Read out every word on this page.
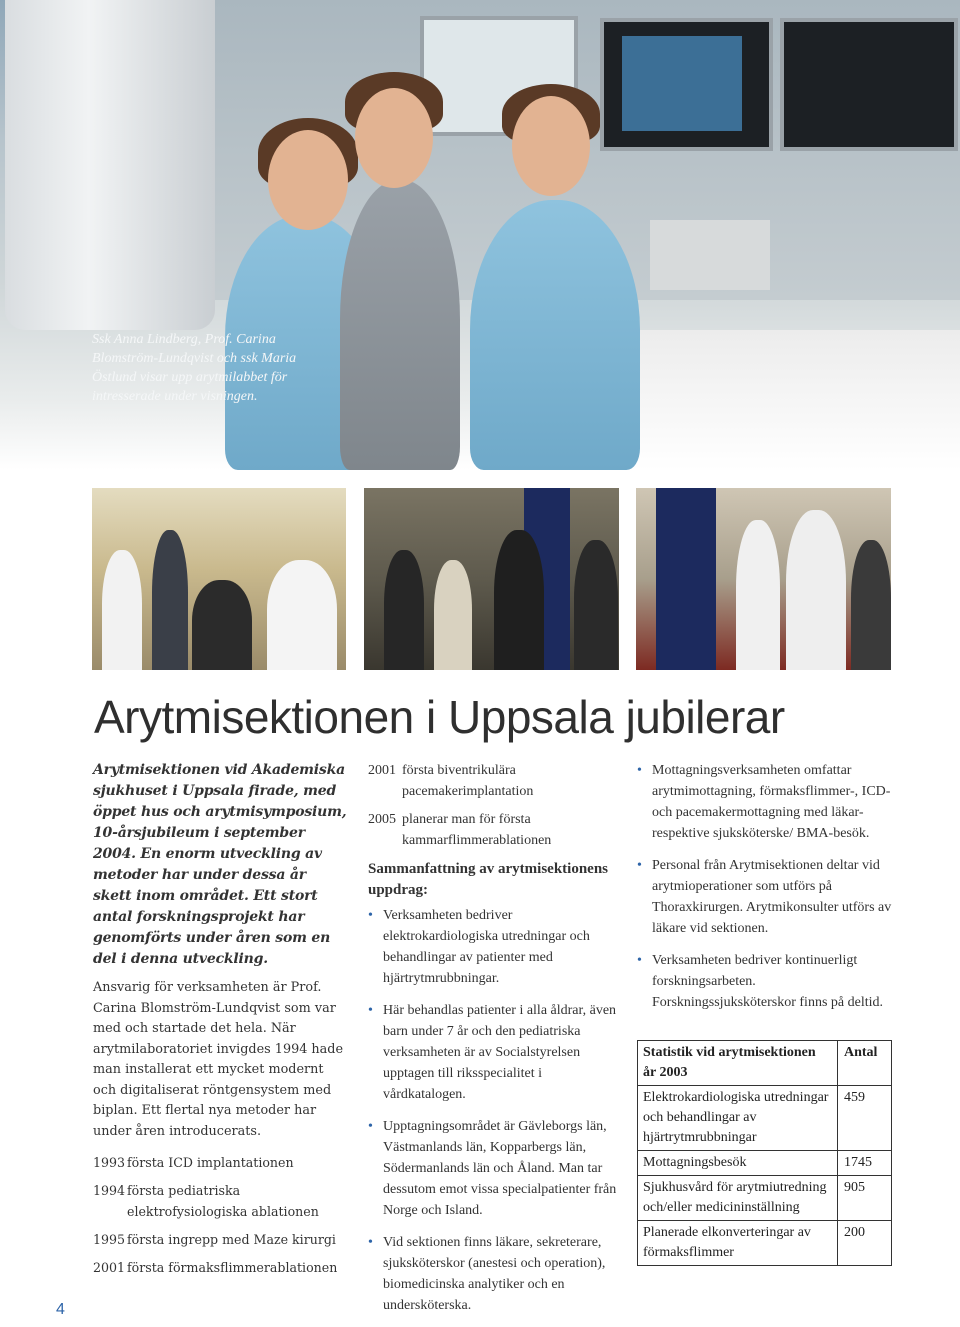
Ssk Anna Lindberg, Prof. Carina Blomström-Lundqvist och ssk Maria Östlund visar upp arytmilabbet för intresserade under visningen.

Arytmisektionen i Uppsala jubilerar

Arytmisektionen vid Akademiska sjukhuset i Uppsala firade, med öppet hus och arytmisymposium, 10-årsjubileum i september 2004. En enorm utveckling av metoder har under dessa år skett inom området. Ett stort antal forskningsprojekt har genomförts under åren som en del i denna utveckling.

Ansvarig för verksamheten är Prof. Carina Blomström-Lundqvist som var med och startade det hela. När arytmilaboratoriet invigdes 1994 hade man installerat ett mycket modernt och digitaliserat röntgensystem med biplan. Ett flertal nya metoder har under åren introducerats.

1993 första ICD implantationen
1994 första pediatriska elektrofysiologiska ablationen
1995 första ingrepp med Maze kirurgi
2001 första förmaksflimmerablationen
2001 första biventrikulära pacemakerimplantation
2005 planerar man för första kammarflimmerablationen
Sammanfattning av arytmisektionens uppdrag:
• Verksamheten bedriver elektrokardiologiska utredningar och behandlingar av patienter med hjärtrytmrubbningar.
• Här behandlas patienter i alla åldrar, även barn under 7 år och den pediatriska verksamheten är av Socialstyrelsen upptagen till riksspecialitet i vårdkatalogen.
• Upptagningsområdet är Gävleborgs län, Västmanlands län, Kopparbergs län, Södermanlands län och Åland. Man tar dessutom emot vissa specialpatienter från Norge och Island.
• Vid sektionen finns läkare, sekreterare, sjuksköterskor (anestesi och operation), biomedicinska analytiker och en undersköterska.
• Mottagningsverksamheten omfattar arytmimottagning, förmaksflimmer-, ICD- och pacemakermottagning med läkar- respektive sjuksköterske/ BMA-besök.
• Personal från Arytmisektionen deltar vid arytmioperationer som utförs på Thoraxkirurgen. Arytmikonsulter utförs av läkare vid sektionen.
• Verksamheten bedriver kontinuerligt forskningsarbeten. Forskningssjuksköterskor finns på deltid.
Statistik vid arytmisektionen år 2003	Antal
Elektrokardiologiska utredningar och behandlingar av hjärtrytmrubbningar	459
Mottagningsbesök	1745
Sjukhusvård för arytmiutredning och/eller medicininställning	905
Planerade elkonverteringar av förmaksflimmer	200

4
